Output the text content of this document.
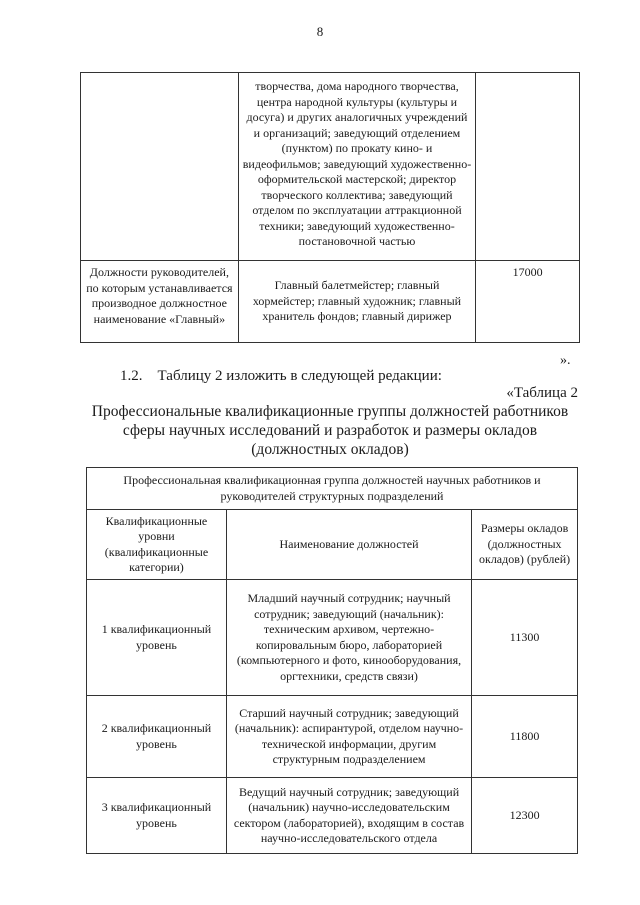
8
	творчества, дома народного творчества, центра народной культуры (культуры и досуга) и других аналогичных учреждений и организаций; заведующий отделением (пунктом) по прокату кино- и видеофильмов; заведующий художественно-оформительской мастерской; директор творческого коллектива; заведующий отделом по эксплуатации аттракционной техники; заведующий художественно-постановочной частью	
Должности руководителей, по которым устанавливается производное должностное наименование «Главный»	Главный балетмейстер; главный хормейстер; главный художник; главный хранитель фондов; главный дирижер	17000
».
1.2.    Таблицу 2 изложить в следующей редакции:
«Таблица 2
Профессиональные квалификационные группы должностей работников сферы научных исследований и разработок и размеры окладов (должностных окладов)
Профессиональная квалификационная группа должностей научных работников и руководителей структурных подразделений		
Квалификационные уровни (квалификационные категории)	Наименование должностей	Размеры окладов (должностных окладов) (рублей)
1 квалификационный уровень	Младший научный сотрудник; научный сотрудник; заведующий (начальник): техническим архивом, чертежно-копировальным бюро, лабораторией (компьютерного и фото, кинооборудования, оргтехники, средств связи)	11300
2 квалификационный уровень	Старший научный сотрудник; заведующий (начальник): аспирантурой, отделом научно-технической информации, другим структурным подразделением	11800
3 квалификационный уровень	Ведущий научный сотрудник; заведующий (начальник) научно-исследовательским сектором (лабораторией), входящим в состав научно-исследовательского отдела	12300
